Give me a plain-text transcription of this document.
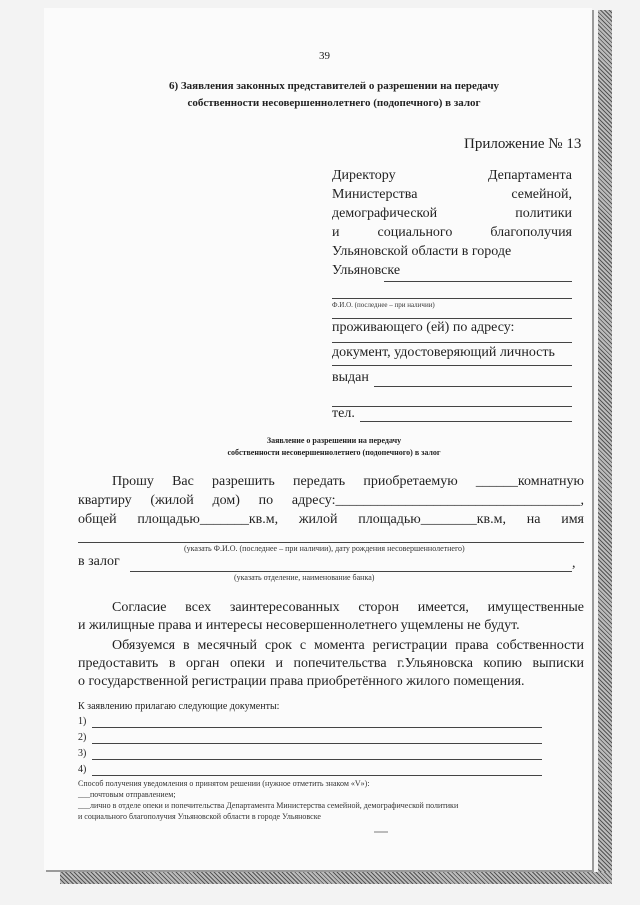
39
6) Заявления законных представителей о разрешении на передачу
собственности несовершеннолетнего (подопечного) в залог
Приложение № 13
Директору Департамента
Министерства семейной,
демографической политики
и социального благополучия
Ульяновской области в городе
Ульяновске
Ф.И.О. (последнее – при наличии)
проживающего (ей) по адресу:
документ, удостоверяющий личность
выдан
тел.
Заявление о разрешении на передачу
собственности несовершеннолетнего (подопечного) в залог
Прошу Вас разрешить передать приобретаемую ______комнатную
квартиру (жилой дом) по адресу:___________________________________,
общей площадью_______кв.м, жилой площадью________кв.м, на имя
(указать Ф.И.О. (последнее – при наличии), дату рождения несовершеннолетнего)
в залог	,
(указать отделение, наименование банка)
Согласие всех заинтересованных сторон имеется, имущественные
и жилищные права и интересы несовершеннолетнего ущемлены не будут.
Обязуемся в месячный срок с момента регистрации права собственности
предоставить в орган опеки и попечительства г.Ульяновска копию выписки
о государственной регистрации права приобретённого жилого помещения.
К заявлению прилагаю следующие документы:
1)
2)
3)
4)
Способ получения уведомления о принятом решении (нужное отметить знаком «V»):
___почтовым отправлением;
___лично в отделе опеки и попечительства Департамента Министерства семейной, демографической политики
и социального благополучия Ульяновской области в городе Ульяновске
